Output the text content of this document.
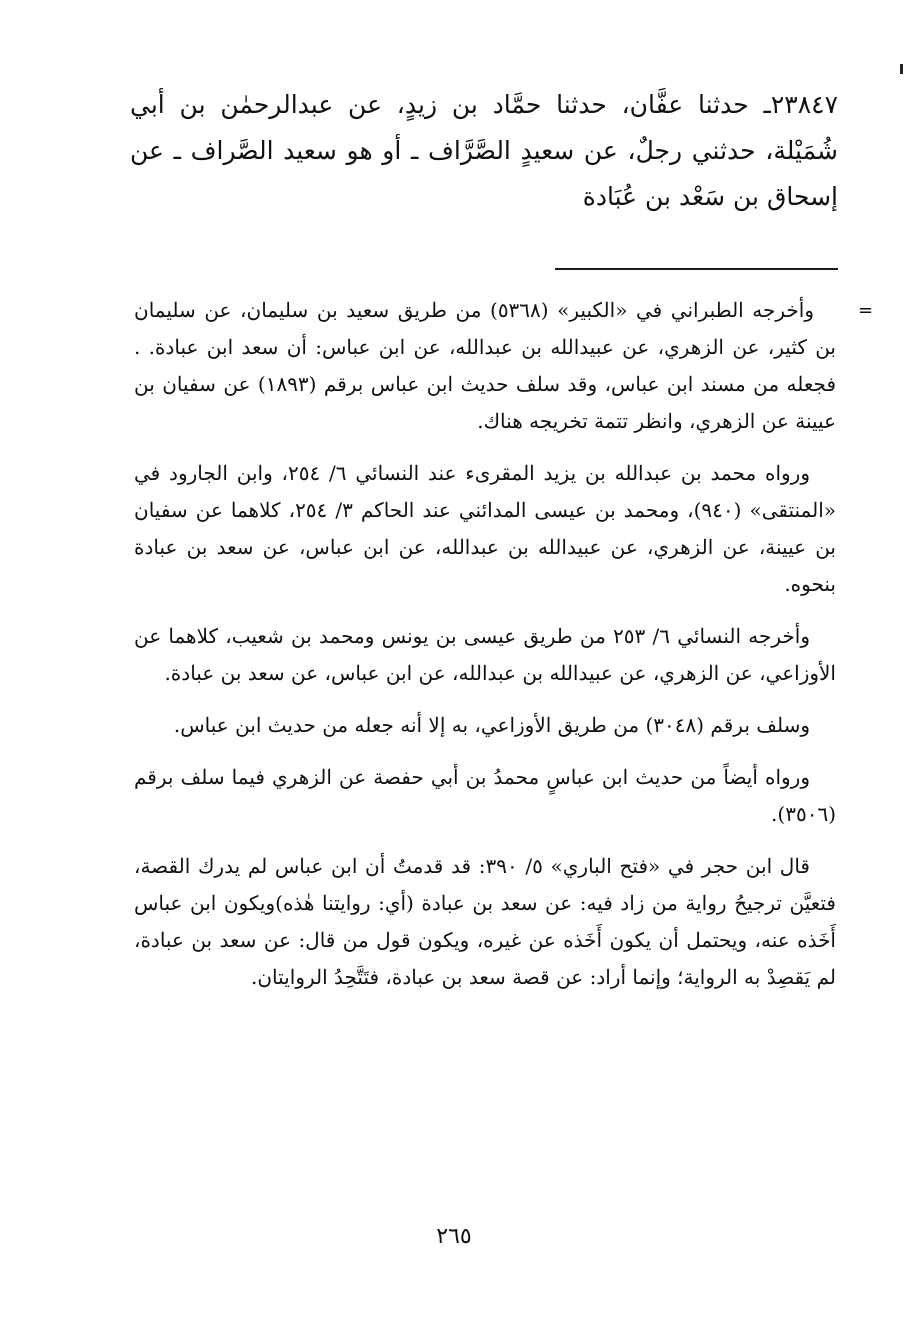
٢٣٨٤٧ـ حدثنا عفَّان، حدثنا حمَّاد بن زيدٍ، عن عبدالرحمٰن بن أبي شُمَيْلة، حدثني رجلٌ، عن سعيدٍ الصَّرَّاف ـ أو هو سعيد الصَّراف ـ عن إسحاق بن سَعْد بن عُبَادة
=

وأخرجه الطبراني في «الكبير» (٥٣٦٨) من طريق سعيد بن سليمان، عن سليمان بن كثير، عن الزهري، عن عبيدالله بن عبدالله، عن ابن عباس: أن سعد ابن عبادة. . فجعله من مسند ابن عباس، وقد سلف حديث ابن عباس برقم (١٨٩٣) عن سفيان بن عيينة عن الزهري، وانظر تتمة تخريجه هناك.

ورواه محمد بن عبدالله بن يزيد المقرىء عند النسائي ٦/ ٢٥٤، وابن الجارود في «المنتقى» (٩٤٠)، ومحمد بن عيسى المدائني عند الحاكم ٣/ ٢٥٤، كلاهما عن سفيان بن عيينة، عن الزهري، عن عبيدالله بن عبدالله، عن ابن عباس، عن سعد بن عبادة بنحوه.

وأخرجه النسائي ٦/ ٢٥٣ من طريق عيسى بن يونس ومحمد بن شعيب، كلاهما عن الأوزاعي، عن الزهري، عن عبيدالله بن عبدالله، عن ابن عباس، عن سعد بن عبادة.

وسلف برقم (٣٠٤٨) من طريق الأوزاعي، به إلا أنه جعله من حديث ابن عباس.

ورواه أيضاً من حديث ابن عباسٍ محمدُ بن أبي حفصة عن الزهري فيما سلف برقم (٣٥٠٦).

قال ابن حجر في «فتح الباري» ٥/ ٣٩٠: قد قدمتُ أن ابن عباس لم يدرك القصة، فتعيَّن ترجيحُ رواية من زاد فيه: عن سعد بن عبادة (أي: روايتنا هٰذه)ويكون ابن عباس أَخَذه عنه، ويحتمل أن يكون أَخَذه عن غيره، ويكون قول من قال: عن سعد بن عبادة، لم يَقصِدْ به الرواية؛ وإنما أراد: عن قصة سعد بن عبادة، فتَتَّحِدُ الروايتان.

٢٦٥
